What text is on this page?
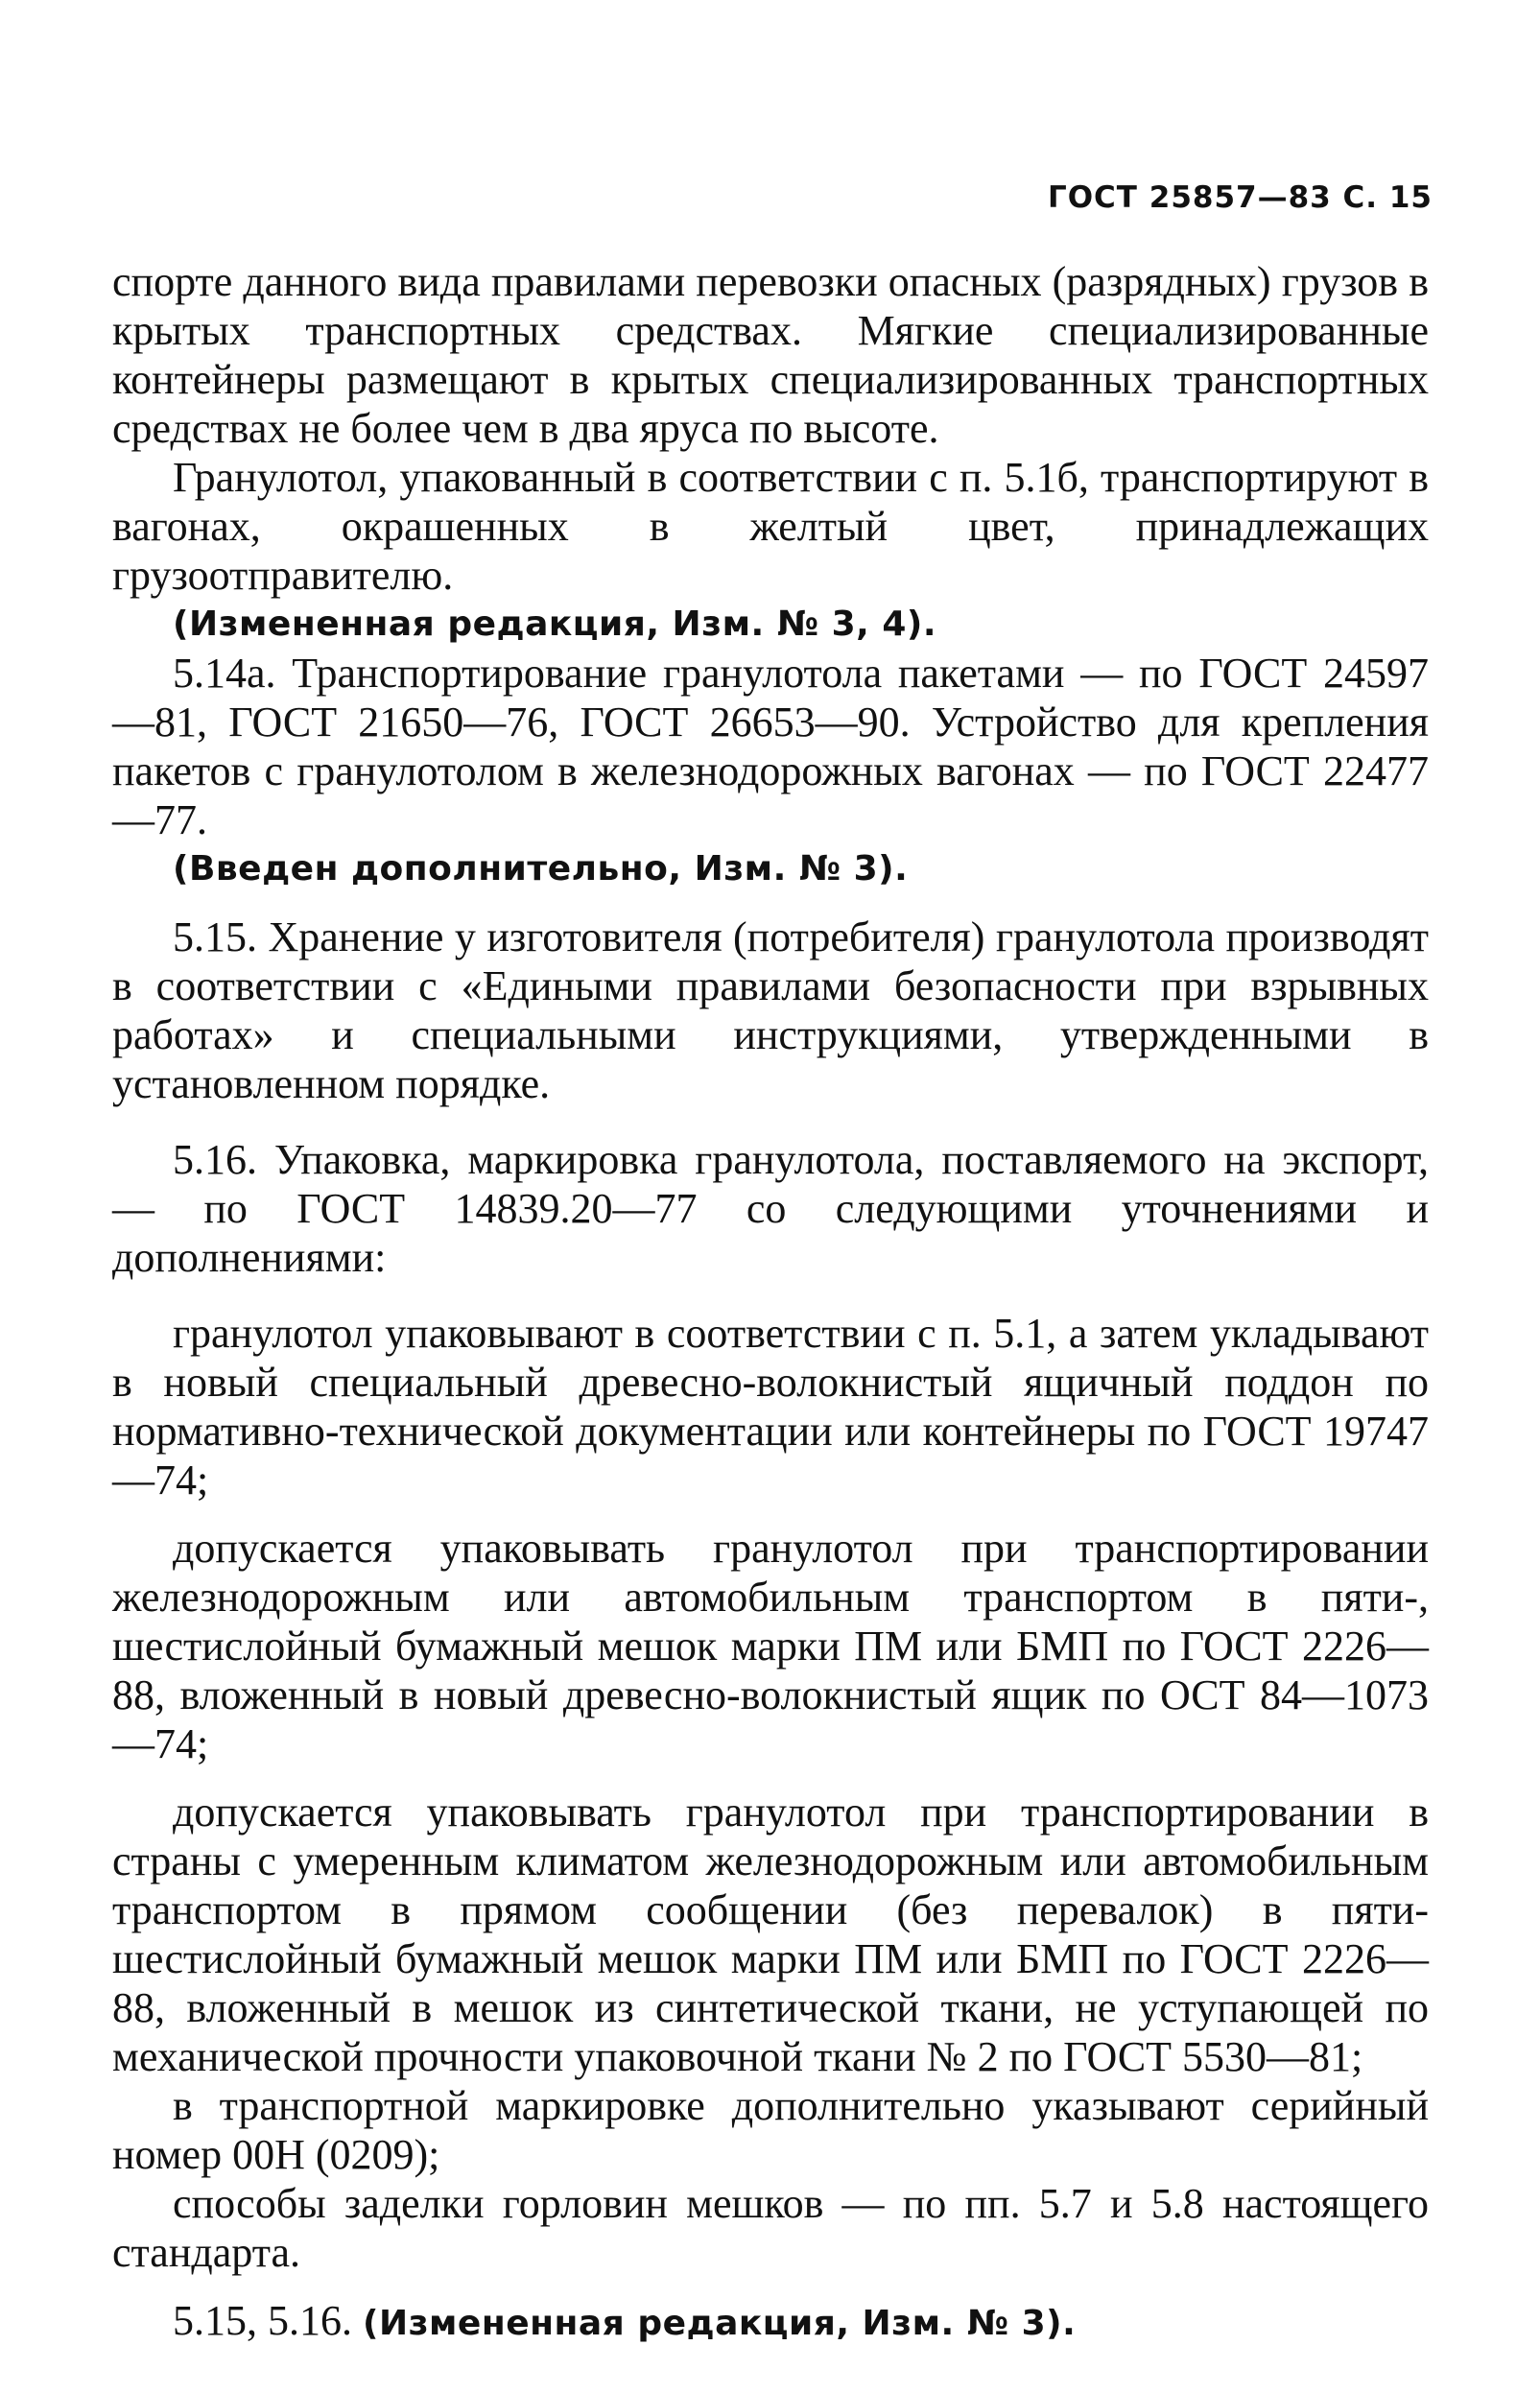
ГОСТ 25857—83 С. 15

спорте данного вида правилами перевозки опасных (разрядных) грузов в крытых транспортных средствах. Мягкие специализированные контейнеры размещают в крытых специализированных транспортных средствах не более чем в два яруса по высоте.

Гранулотол, упакованный в соответствии с п. 5.1б, транспортируют в вагонах, окрашенных в желтый цвет, принадлежащих грузоотправителю.

(Измененная редакция, Изм. № 3, 4).

5.14а. Транспортирование гранулотола пакетами — по ГОСТ 24597—81, ГОСТ 21650—76, ГОСТ 26653—90. Устройство для крепления пакетов с гранулотолом в железнодорожных вагонах — по ГОСТ 22477—77.

(Введен дополнительно, Изм. № 3).

5.15. Хранение у изготовителя (потребителя) гранулотола производят в соответствии с «Едиными правилами безопасности при взрывных работах» и специальными инструкциями, утвержденными в установленном порядке.

5.16. Упаковка, маркировка гранулотола, поставляемого на экспорт, — по ГОСТ 14839.20—77 со следующими уточнениями и дополнениями:

гранулотол упаковывают в соответствии с п. 5.1, а затем укладывают в новый специальный древесно-волокнистый ящичный поддон по нормативно-технической документации или контейнеры по ГОСТ 19747—74;

допускается упаковывать гранулотол при транспортировании железнодорожным или автомобильным транспортом в пяти-, шестислойный бумажный мешок марки ПМ или БМП по ГОСТ 2226—88, вложенный в новый древесно-волокнистый ящик по ОСТ 84—1073—74;

допускается упаковывать гранулотол при транспортировании в страны с умеренным климатом железнодорожным или автомобильным транспортом в прямом сообщении (без перевалок) в пяти- шестислойный бумажный мешок марки ПМ или БМП по ГОСТ 2226—88, вложенный в мешок из синтетической ткани, не уступающей по механической прочности упаковочной ткани № 2 по ГОСТ 5530—81;

в транспортной маркировке дополнительно указывают серийный номер 00Н (0209);

способы заделки горловин мешков — по пп. 5.7 и 5.8 настоящего стандарта.

5.15, 5.16. (Измененная редакция, Изм. № 3).
